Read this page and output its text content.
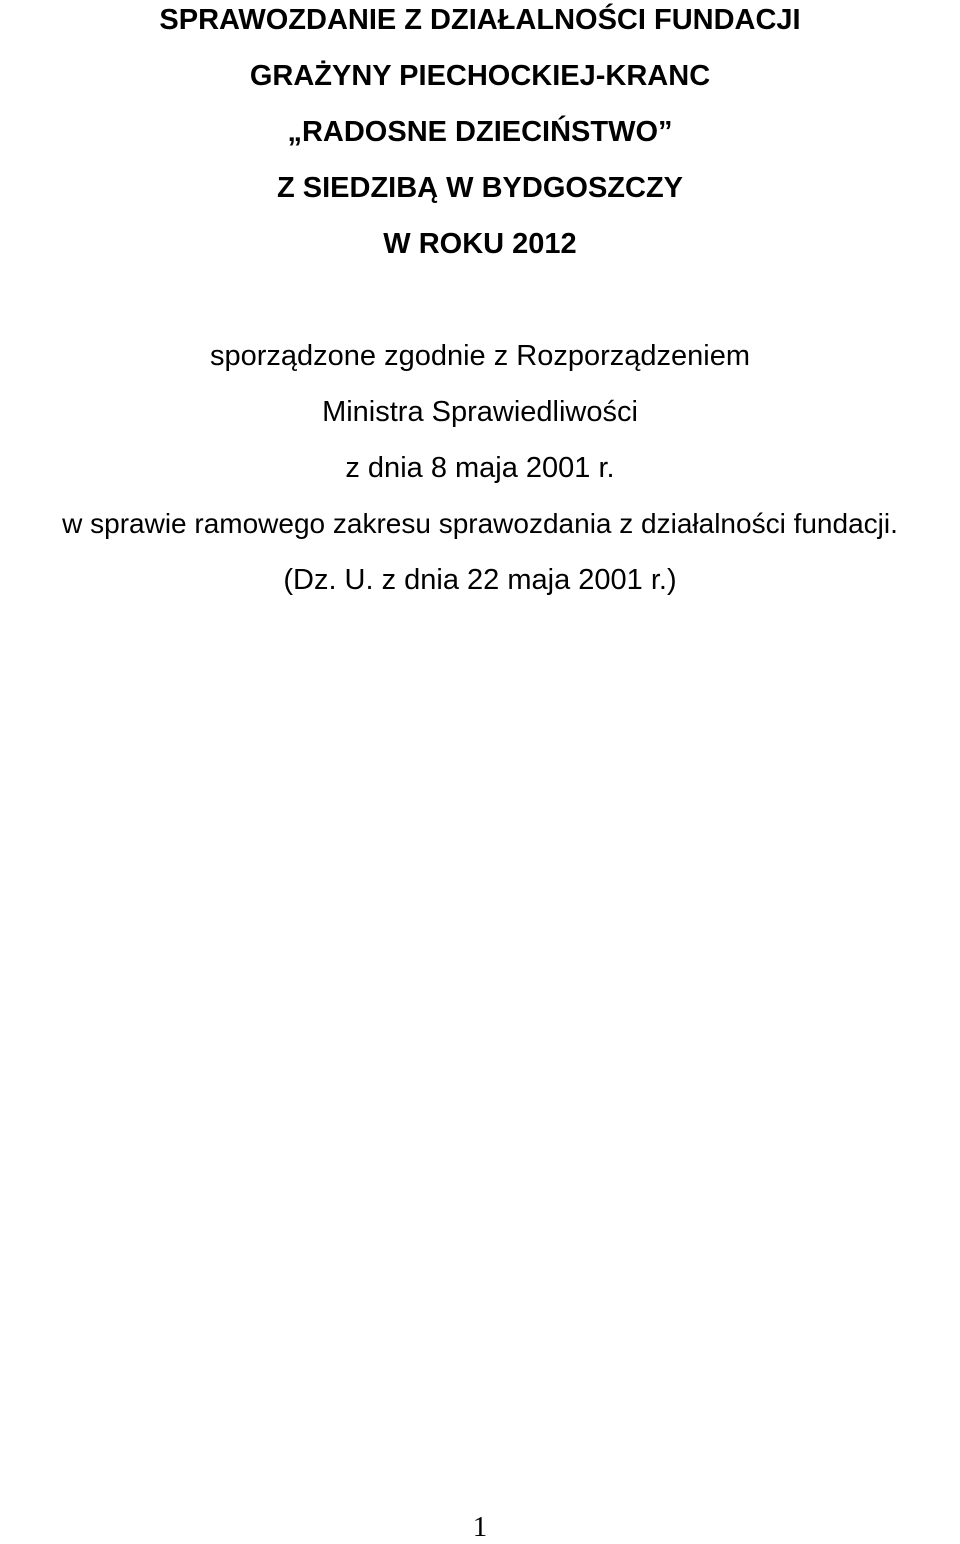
SPRAWOZDANIE Z DZIAŁALNOŚCI FUNDACJI
GRAŻYNY PIECHOCKIEJ-KRANC
„RADOSNE DZIECIŃSTWO”
Z SIEDZIBĄ W BYDGOSZCZY
W ROKU 2012
sporządzone zgodnie z Rozporządzeniem
Ministra Sprawiedliwości
z dnia 8 maja 2001 r.
w sprawie ramowego zakresu sprawozdania z działalności fundacji.
(Dz. U. z dnia 22 maja 2001 r.)
1
